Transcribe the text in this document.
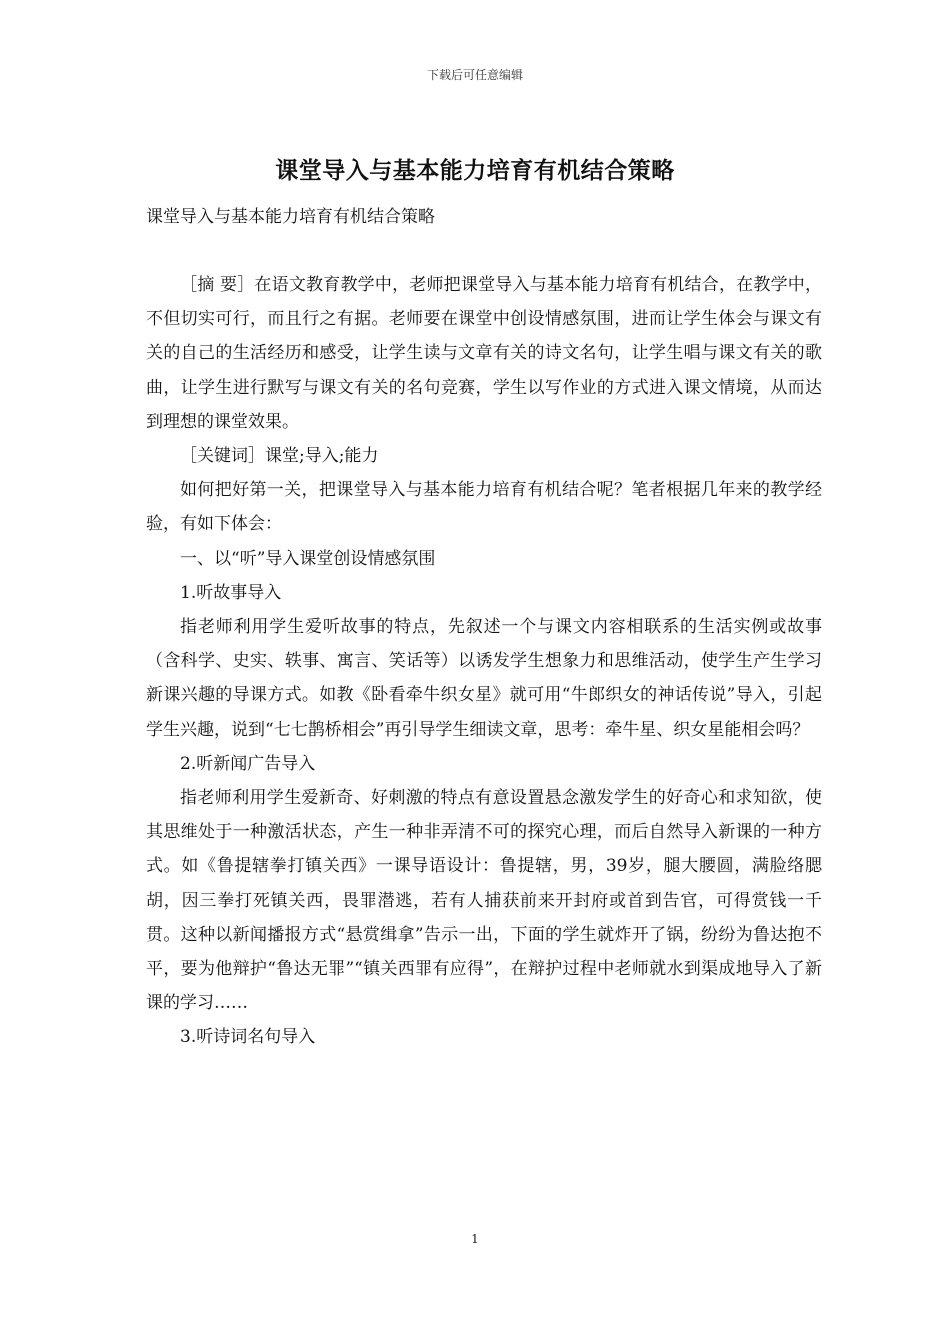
下载后可任意编辑
课堂导入与基本能力培育有机结合策略

课堂导入与基本能力培育有机结合策略

［摘 要］在语文教育教学中，老师把课堂导入与基本能力培育有机结合，在教学中，不但切实可行，而且行之有据。老师要在课堂中创设情感氛围，进而让学生体会与课文有关的自己的生活经历和感受，让学生读与文章有关的诗文名句，让学生唱与课文有关的歌曲，让学生进行默写与课文有关的名句竞赛，学生以写作业的方式进入课文情境，从而达到理想的课堂效果。

［关键词］课堂;导入;能力

如何把好第一关，把课堂导入与基本能力培育有机结合呢？笔者根据几年来的教学经验，有如下体会：

一、以“听”导入课堂创设情感氛围

1.听故事导入

指老师利用学生爱听故事的特点，先叙述一个与课文内容相联系的生活实例或故事（含科学、史实、轶事、寓言、笑话等）以诱发学生想象力和思维活动，使学生产生学习新课兴趣的导课方式。如教《卧看牵牛织女星》就可用“牛郎织女的神话传说”导入，引起学生兴趣，说到“七七鹊桥相会”再引导学生细读文章，思考：牵牛星、织女星能相会吗？

2.听新闻广告导入

指老师利用学生爱新奇、好刺激的特点有意设置悬念激发学生的好奇心和求知欲，使其思维处于一种激活状态，产生一种非弄清不可的探究心理，而后自然导入新课的一种方式。如《鲁提辖拳打镇关西》一课导语设计：鲁提辖，男，39岁，腿大腰圆，满脸络腮胡，因三拳打死镇关西，畏罪潜逃，若有人捕获前来开封府或首到告官，可得赏钱一千贯。这种以新闻播报方式“悬赏缉拿”告示一出，下面的学生就炸开了锅，纷纷为鲁达抱不平，要为他辩护“鲁达无罪”“镇关西罪有应得”，在辩护过程中老师就水到渠成地导入了新课的学习……

3.听诗词名句导入

1
